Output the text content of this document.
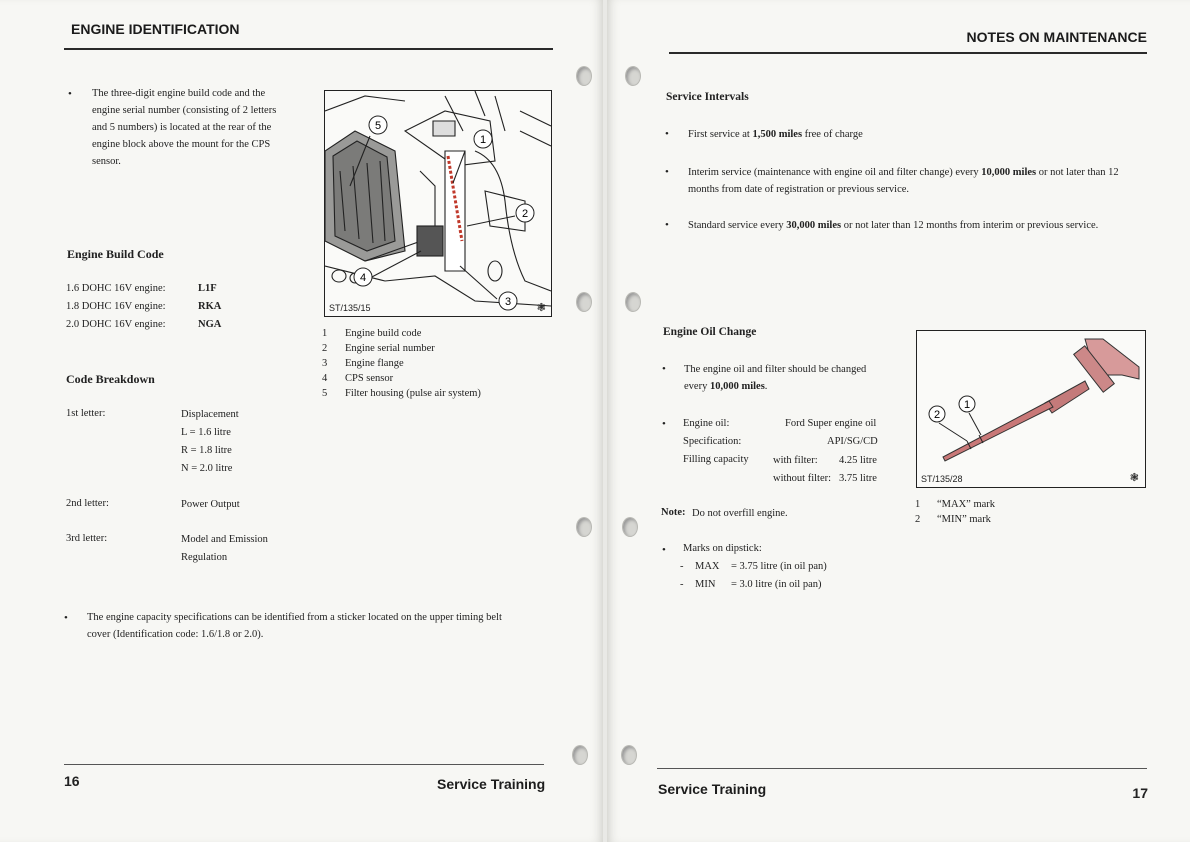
ENGINE IDENTIFICATION
• The three-digit engine build code and the
engine serial number (consisting of 2 letters
and 5 numbers) is located at the rear of the
engine block above the mount for the CPS
sensor.
Engine Build Code
1.6 DOHC 16V engine:	L1F
1.8 DOHC 16V engine:	RKA
2.0 DOHC 16V engine:	NGA
Code Breakdown
1st letter:	Displacement
L = 1.6 litre
R = 1.8 litre
N = 2.0 litre
2nd letter:	Power Output
3rd letter:	Model and Emission
Regulation
1
2
3
4
5
ST/135/15	❃
1 Engine build code
2 Engine serial number
3 Engine flange
4 CPS sensor
5 Filter housing (pulse air system)
• The engine capacity specifications can be identified from a sticker located on the upper timing belt
cover (Identification code: 1.6/1.8 or 2.0).
16	Service Training
NOTES ON MAINTENANCE
Service Intervals
• First service at 1,500 miles free of charge
• Interim service (maintenance with engine oil and filter change) every 10,000 miles or not later than 12
months from date of registration or previous service.
• Standard service every 30,000 miles or not later than 12 months from interim or previous service.
Engine Oil Change
• The engine oil and filter should be changed
every 10,000 miles.
• Engine oil:	Ford Super engine oil
Specification:	API/SG/CD
Filling capacity with filter: 4.25 litre
without filter: 3.75 litre
Note: Do not overfill engine.
• Marks on dipstick:
- MAX = 3.75 litre (in oil pan)
- MIN = 3.0 litre (in oil pan)
2
1
ST/135/28	❃
1 “MAX” mark
2 “MIN” mark
Service Training	17
